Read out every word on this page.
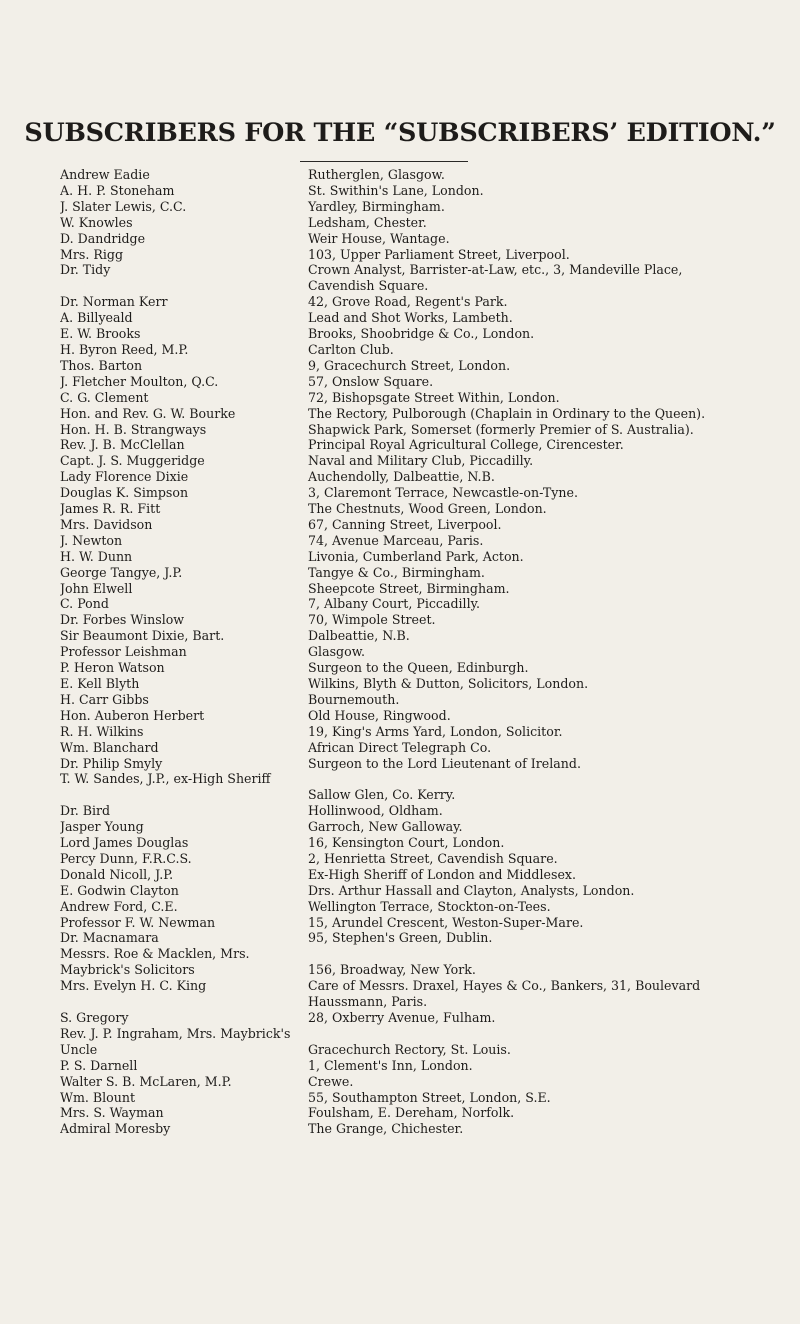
SUBSCRIBERS FOR THE “SUBSCRIBERS’ EDITION.”
Andrew Eadie	Rutherglen, Glasgow.
A. H. P. Stoneham	St. Swithin's Lane, London.
J. Slater Lewis, C.C.	Yardley, Birmingham.
W. Knowles	Ledsham, Chester.
D. Dandridge	Weir House, Wantage.
Mrs. Rigg	103, Upper Parliament Street, Liverpool.
Dr. Tidy	Crown Analyst, Barrister-at-Law, etc., 3, Mandeville Place, Cavendish Square.
Dr. Norman Kerr	42, Grove Road, Regent's Park.
A. Billyeald	Lead and Shot Works, Lambeth.
E. W. Brooks	Brooks, Shoobridge & Co., London.
H. Byron Reed, M.P.	Carlton Club.
Thos. Barton	9, Gracechurch Street, London.
J. Fletcher Moulton, Q.C.	57, Onslow Square.
C. G. Clement	72, Bishopsgate Street Within, London.
Hon. and Rev. G. W. Bourke	The Rectory, Pulborough (Chaplain in Ordinary to the Queen).
Hon. H. B. Strangways	Shapwick Park, Somerset (formerly Premier of S. Australia).
Rev. J. B. McClellan	Principal Royal Agricultural College, Cirencester.
Capt. J. S. Muggeridge	Naval and Military Club, Piccadilly.
Lady Florence Dixie	Auchendolly, Dalbeattie, N.B.
Douglas K. Simpson	3, Claremont Terrace, Newcastle-on-Tyne.
James R. R. Fitt	The Chestnuts, Wood Green, London.
Mrs. Davidson	67, Canning Street, Liverpool.
J. Newton	74, Avenue Marceau, Paris.
H. W. Dunn	Livonia, Cumberland Park, Acton.
George Tangye, J.P.	Tangye & Co., Birmingham.
John Elwell	Sheepcote Street, Birmingham.
C. Pond	7, Albany Court, Piccadilly.
Dr. Forbes Winslow	70, Wimpole Street.
Sir Beaumont Dixie, Bart.	Dalbeattie, N.B.
Professor Leishman	Glasgow.
P. Heron Watson	Surgeon to the Queen, Edinburgh.
E. Kell Blyth	Wilkins, Blyth & Dutton, Solicitors, London.
H. Carr Gibbs	Bournemouth.
Hon. Auberon Herbert	Old House, Ringwood.
R. H. Wilkins	19, King's Arms Yard, London, Solicitor.
Wm. Blanchard	African Direct Telegraph Co.
Dr. Philip Smyly	Surgeon to the Lord Lieutenant of Ireland.
T. W. Sandes, J.P., ex-High Sheriff
Sallow Glen, Co. Kerry.
Dr. Bird	Hollinwood, Oldham.
Jasper Young	Garroch, New Galloway.
Lord James Douglas	16, Kensington Court, London.
Percy Dunn, F.R.C.S.	2, Henrietta Street, Cavendish Square.
Donald Nicoll, J.P.	Ex-High Sheriff of London and Middlesex.
E. Godwin Clayton	Drs. Arthur Hassall and Clayton, Analysts, London.
Andrew Ford, C.E.	Wellington Terrace, Stockton-on-Tees.
Professor F. W. Newman	15, Arundel Crescent, Weston-Super-Mare.
Dr. Macnamara	95, Stephen's Green, Dublin.
Messrs. Roe & Macklen, Mrs. Maybrick's Solicitors	156, Broadway, New York.
Mrs. Evelyn H. C. King	Care of Messrs. Draxel, Hayes & Co., Bankers, 31, Boulevard Haussmann, Paris.
S. Gregory	28, Oxberry Avenue, Fulham.
Rev. J. P. Ingraham, Mrs. Maybrick's Uncle	Gracechurch Rectory, St. Louis.
P. S. Darnell	1, Clement's Inn, London.
Walter S. B. McLaren, M.P.	Crewe.
Wm. Blount	55, Southampton Street, London, S.E.
Mrs. S. Wayman	Foulsham, E. Dereham, Norfolk.
Admiral Moresby	The Grange, Chichester.
